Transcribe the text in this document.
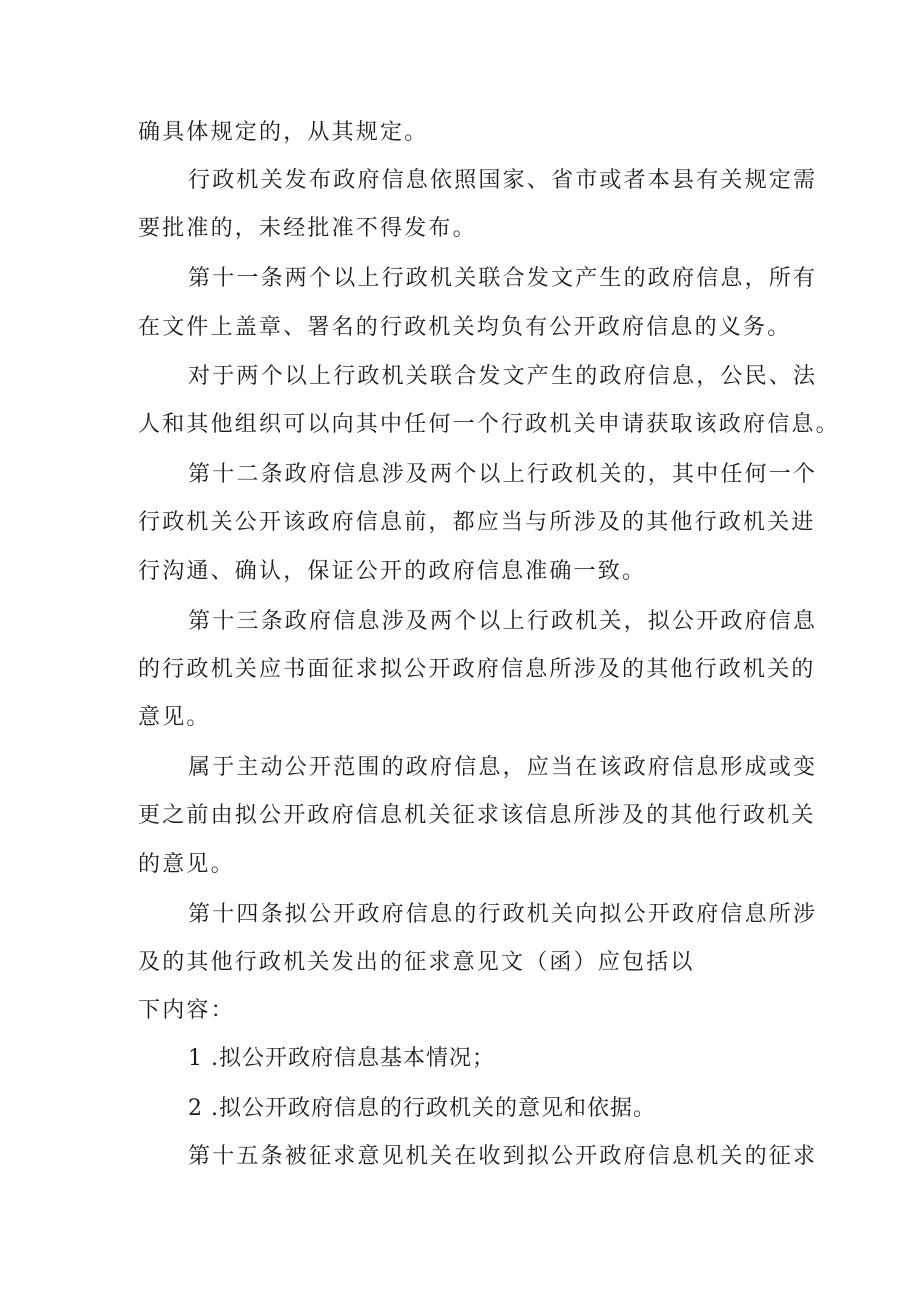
确具体规定的，从其规定。
行政机关发布政府信息依照国家、省市或者本县有关规定需
要批准的，未经批准不得发布。
第十一条两个以上行政机关联合发文产生的政府信息，所有
在文件上盖章、署名的行政机关均负有公开政府信息的义务。
对于两个以上行政机关联合发文产生的政府信息，公民、法
人和其他组织可以向其中任何一个行政机关申请获取该政府信息。
第十二条政府信息涉及两个以上行政机关的，其中任何一个
行政机关公开该政府信息前，都应当与所涉及的其他行政机关进
行沟通、确认，保证公开的政府信息准确一致。
第十三条政府信息涉及两个以上行政机关，拟公开政府信息
的行政机关应书面征求拟公开政府信息所涉及的其他行政机关的
意见。
属于主动公开范围的政府信息，应当在该政府信息形成或变
更之前由拟公开政府信息机关征求该信息所涉及的其他行政机关
的意见。
第十四条拟公开政府信息的行政机关向拟公开政府信息所涉
及的其他行政机关发出的征求意见文（函）应包括以
下内容：
1 .拟公开政府信息基本情况；
2 .拟公开政府信息的行政机关的意见和依据。
第十五条被征求意见机关在收到拟公开政府信息机关的征求
